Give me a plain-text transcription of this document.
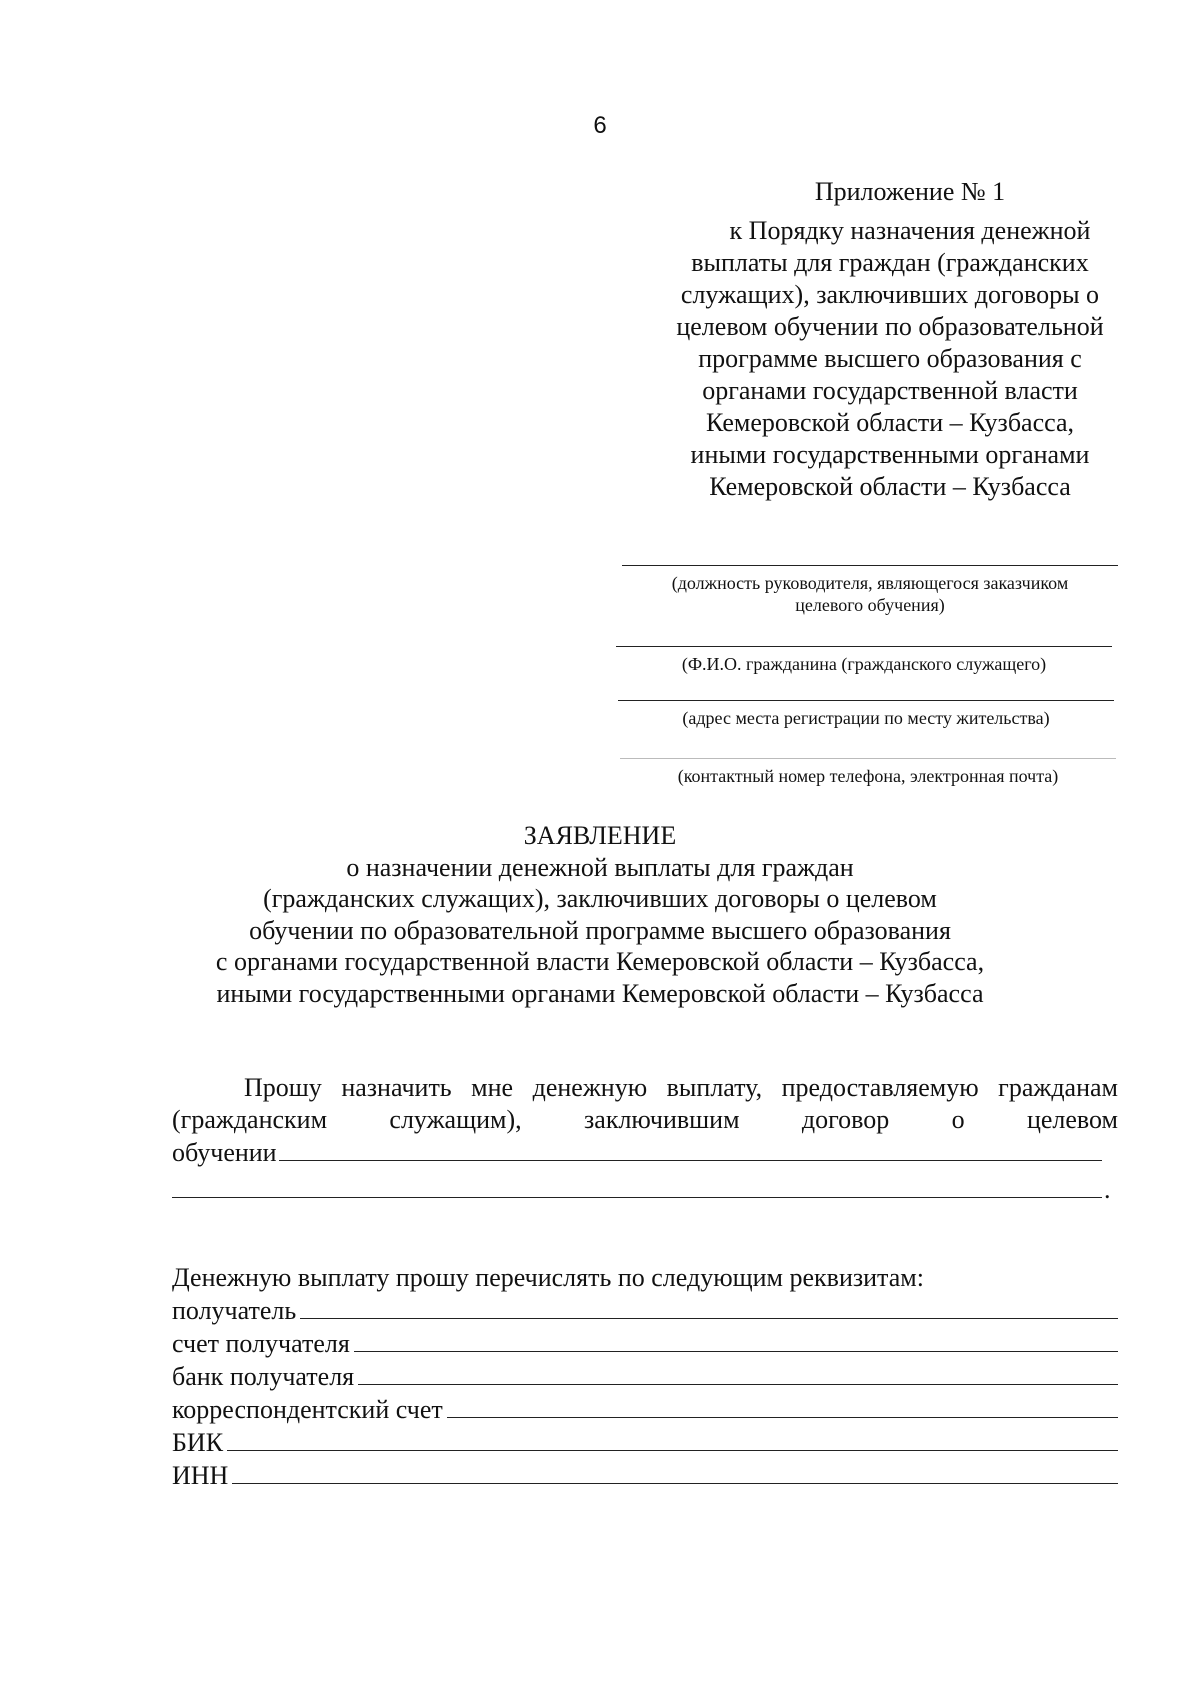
6
Приложение № 1
к Порядку назначения денежной
выплаты для граждан (гражданских
служащих), заключивших договоры о
целевом обучении по образовательной
программе высшего образования с
органами государственной власти
Кемеровской области – Кузбасса,
иными государственными органами
Кемеровской области – Кузбасса
(должность руководителя, являющегося заказчиком
целевого обучения)
(Ф.И.О. гражданина (гражданского служащего)
(адрес места регистрации по месту жительства)
(контактный номер телефона, электронная почта)
ЗАЯВЛЕНИЕ
о назначении денежной выплаты для граждан
(гражданских служащих), заключивших договоры о целевом
обучении по образовательной программе высшего образования
с органами государственной власти Кемеровской области – Кузбасса,
иными государственными органами Кемеровской области – Кузбасса
Прошу назначить мне денежную выплату, предоставляемую гражданам
(гражданским служащим), заключившим договор о целевом
обучении
.
Денежную выплату прошу перечислять по следующим реквизитам:
получатель
счет получателя
банк получателя
корреспондентский счет
БИК
ИНН
